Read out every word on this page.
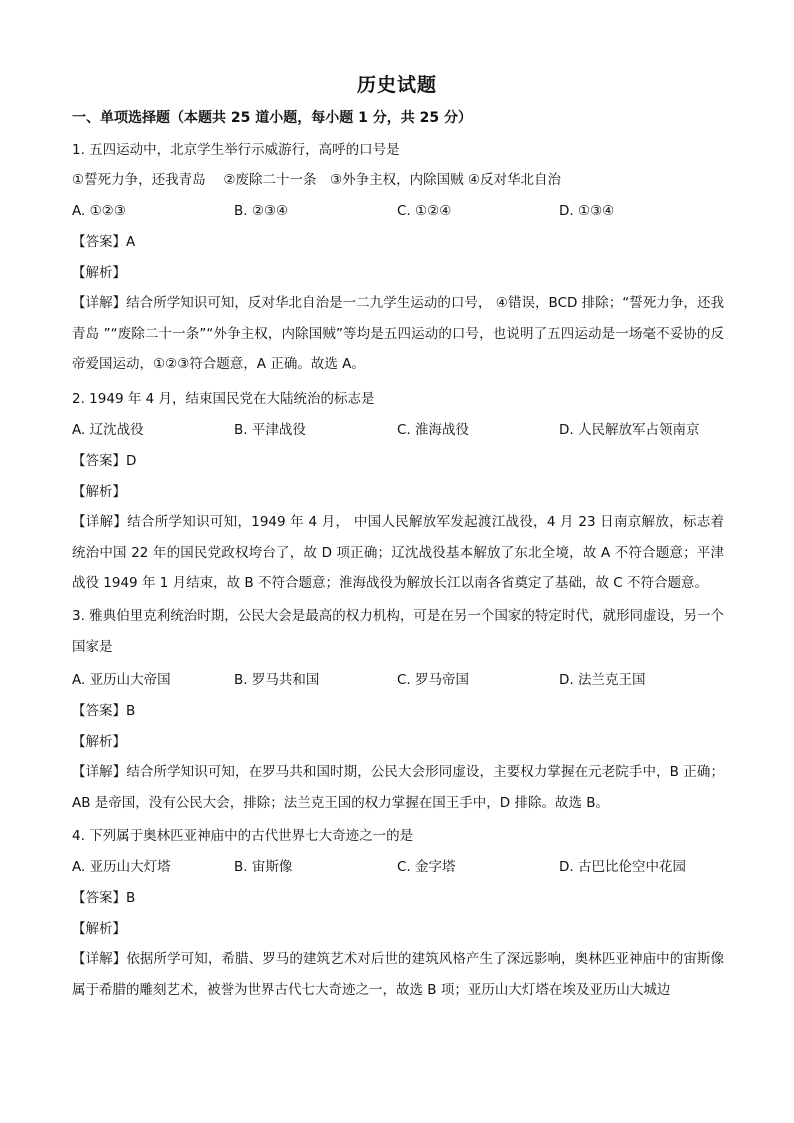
历史试题
一、单项选择题（本题共 25 道小题，每小题 1 分，共 25 分）
1. 五四运动中，北京学生举行示威游行，高呼的口号是
①誓死力争，还我青岛 　②废除二十一条　③外争主权，内除国贼 ④反对华北自治
A. ①②③	B. ②③④	C. ①②④	D. ①③④
【答案】A
【解析】
【详解】结合所学知识可知，反对华北自治是一二九学生运动的口号， ④错误，BCD 排除；“誓死力争，还我青岛 ”“废除二十一条”“外争主权，内除国贼”等均是五四运动的口号，也说明了五四运动是一场毫不妥协的反帝爱国运动，①②③符合题意，A 正确。故选 A。
2. 1949 年 4 月，结束国民党在大陆统治的标志是
A. 辽沈战役	B. 平津战役	C. 淮海战役	D. 人民解放军占领南京
【答案】D
【解析】
【详解】结合所学知识可知，1949 年 4 月， 中国人民解放军发起渡江战役，4 月 23 日南京解放，标志着统治中国 22 年的国民党政权垮台了，故 D 项正确；辽沈战役基本解放了东北全境，故 A 不符合题意；平津战役 1949 年 1 月结束，故 B 不符合题意；淮海战役为解放长江以南各省奠定了基础，故 C 不符合题意。
3. 雅典伯里克利统治时期，公民大会是最高的权力机构，可是在另一个国家的特定时代，就形同虚设，另一个国家是
A. 亚历山大帝国	B. 罗马共和国	C. 罗马帝国	D. 法兰克王国
【答案】B
【解析】
【详解】结合所学知识可知，在罗马共和国时期，公民大会形同虚设，主要权力掌握在元老院手中，B 正确；AB 是帝国，没有公民大会，排除；法兰克王国的权力掌握在国王手中，D 排除。故选 B。
4. 下列属于奥林匹亚神庙中的古代世界七大奇迹之一的是
A. 亚历山大灯塔	B. 宙斯像	C. 金字塔	D. 古巴比伦空中花园
【答案】B
【解析】
【详解】依据所学可知，希腊、罗马的建筑艺术对后世的建筑风格产生了深远影响，奥林匹亚神庙中的宙斯像属于希腊的雕刻艺术，被誉为世界古代七大奇迹之一，故选 B 项；亚历山大灯塔在埃及亚历山大城边
